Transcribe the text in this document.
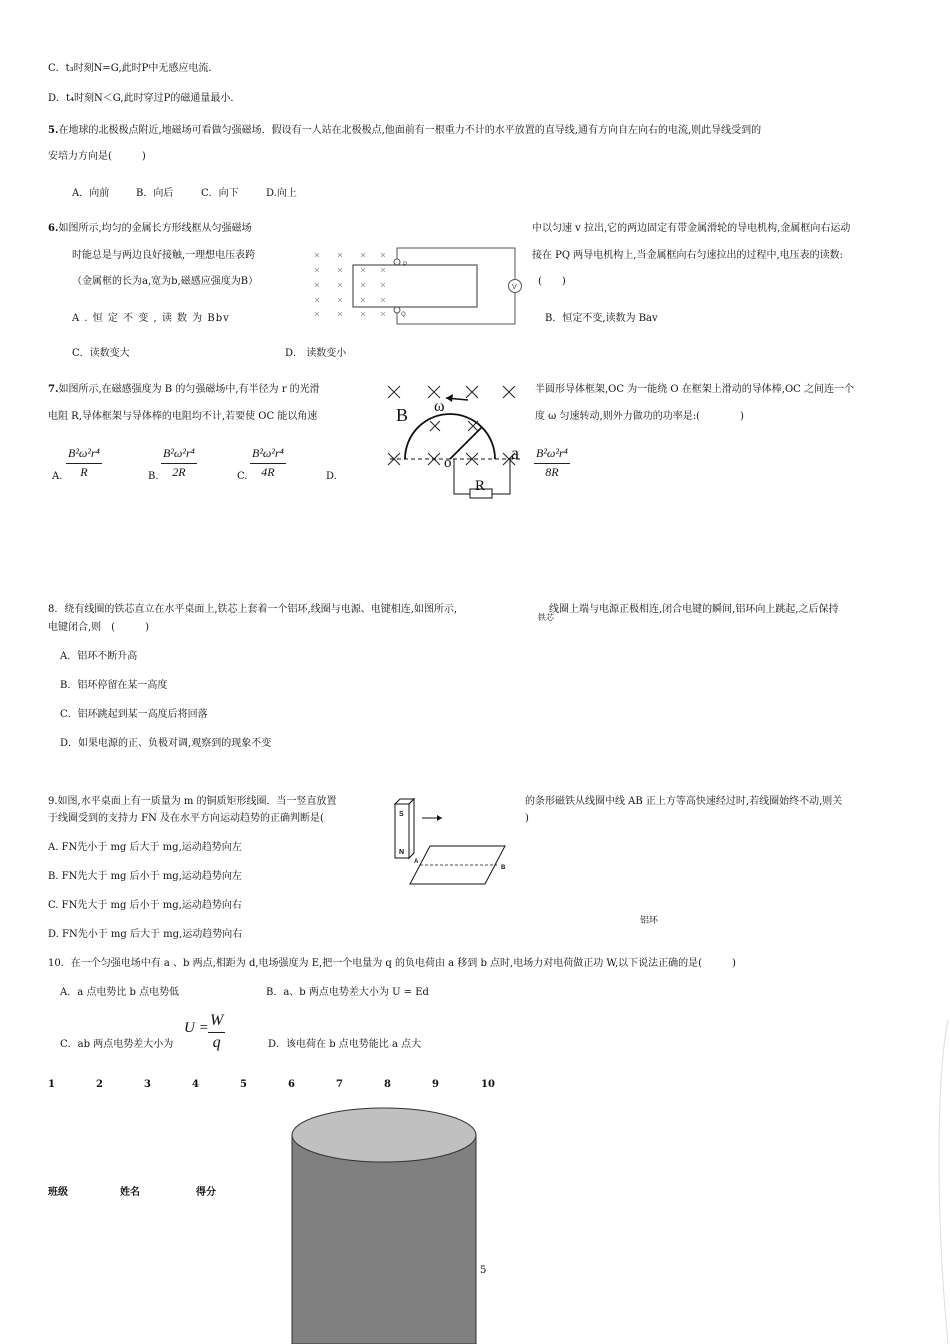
C．t₃时刻N=G,此时P中无感应电流．
D．t₄时刻N＜G,此时穿过P的磁通量最小．
5.在地球的北极极点附近,地磁场可看做匀强磁场．假设有一人站在北极极点,他面前有一根重力不计的水平放置的直导线,通有方向自左向右的电流,则此导线受到的
安培力方向是(　　　)
A．向前	B．向后	C．向下	D.向上
6.如图所示,均匀的金属长方形线框从匀强磁场
时能总是与两边良好接触,一理想电压表跨
（金属框的长为a,宽为b,磁感应强度为B）
中以匀速 v 拉出,它的两边固定有带金属滑轮的导电机构,金属框向右运动
接在 PQ 两导电机构上,当金属框向右匀速拉出的过程中,电压表的读数:
(　　)
A . 恒 定 不 变 , 读 数 为 Bbv	B．恒定不变,读数为 Bav
C．读数变大	D． 读数变小
P
Q
V
7.如图所示,在磁感强度为 B 的匀强磁场中,有半径为 r 的光滑
电阻 R,导体框架与导体棒的电阻均不计,若要使 OC 能以角速
半圆形导体框架,OC 为一能绕 O 在框架上滑动的导体棒,OC 之间连一个
度 ω 匀速转动,则外力做功的功率是:(　　　　)
A. $\frac{\text{B²ω²r⁴}}{R}$	B. $\frac{\text{B²ω²r⁴}}{2R}$	C. $\frac{\text{B²ω²r⁴}}{4R}$	D.	$\frac{\text{B²ω²r⁴}}{8R}$
B ω
o	a
R
8．绕有线圈的铁芯直立在水平桌面上,铁芯上套着一个铝环,线圈与电源、电键相连,如图所示,
铁芯
线圈上端与电源正极相连,闭合电键的瞬间,铝环向上跳起,之后保持
电键闭合,则　(　　　)
A．铝环不断升高
B．铝环停留在某一高度
C．铝环跳起到某一高度后将回落
D．如果电源的正、负极对调,观察到的现象不变
9.如图,水平桌面上有一质量为 m 的铜质矩形线圈．当一竖直放置
于线圈受到的支持力 FN 及在水平方向运动趋势的正确判断是(
的条形磁铁从线圈中线 AB 正上方等高快速经过时,若线圈始终不动,则关
)
A. FN先小于 mg 后大于 mg,运动趋势向左
B. FN先大于 mg 后小于 mg,运动趋势向左
C. FN先大于 mg 后小于 mg,运动趋势向右
D. FN先小于 mg 后大于 mg,运动趋势向右
铝环
S
N
A
B
10．在一个匀强电场中有 a 、b 两点,相距为 d,电场强度为 E,把一个电量为 q 的负电荷由 a 移到 b 点时,电场力对电荷做正功 W,以下说法正确的是(　　　)
A．a 点电势比 b 点电势低	B．a、b 两点电势差大小为 U = Ed
C．ab 两点电势差大小为
$U = \frac{W}{q}$	D．该电荷在 b 点电势能比 a 点大
1	2	3	4	5	6	7	8	9	10
班级	姓名	得分
5
